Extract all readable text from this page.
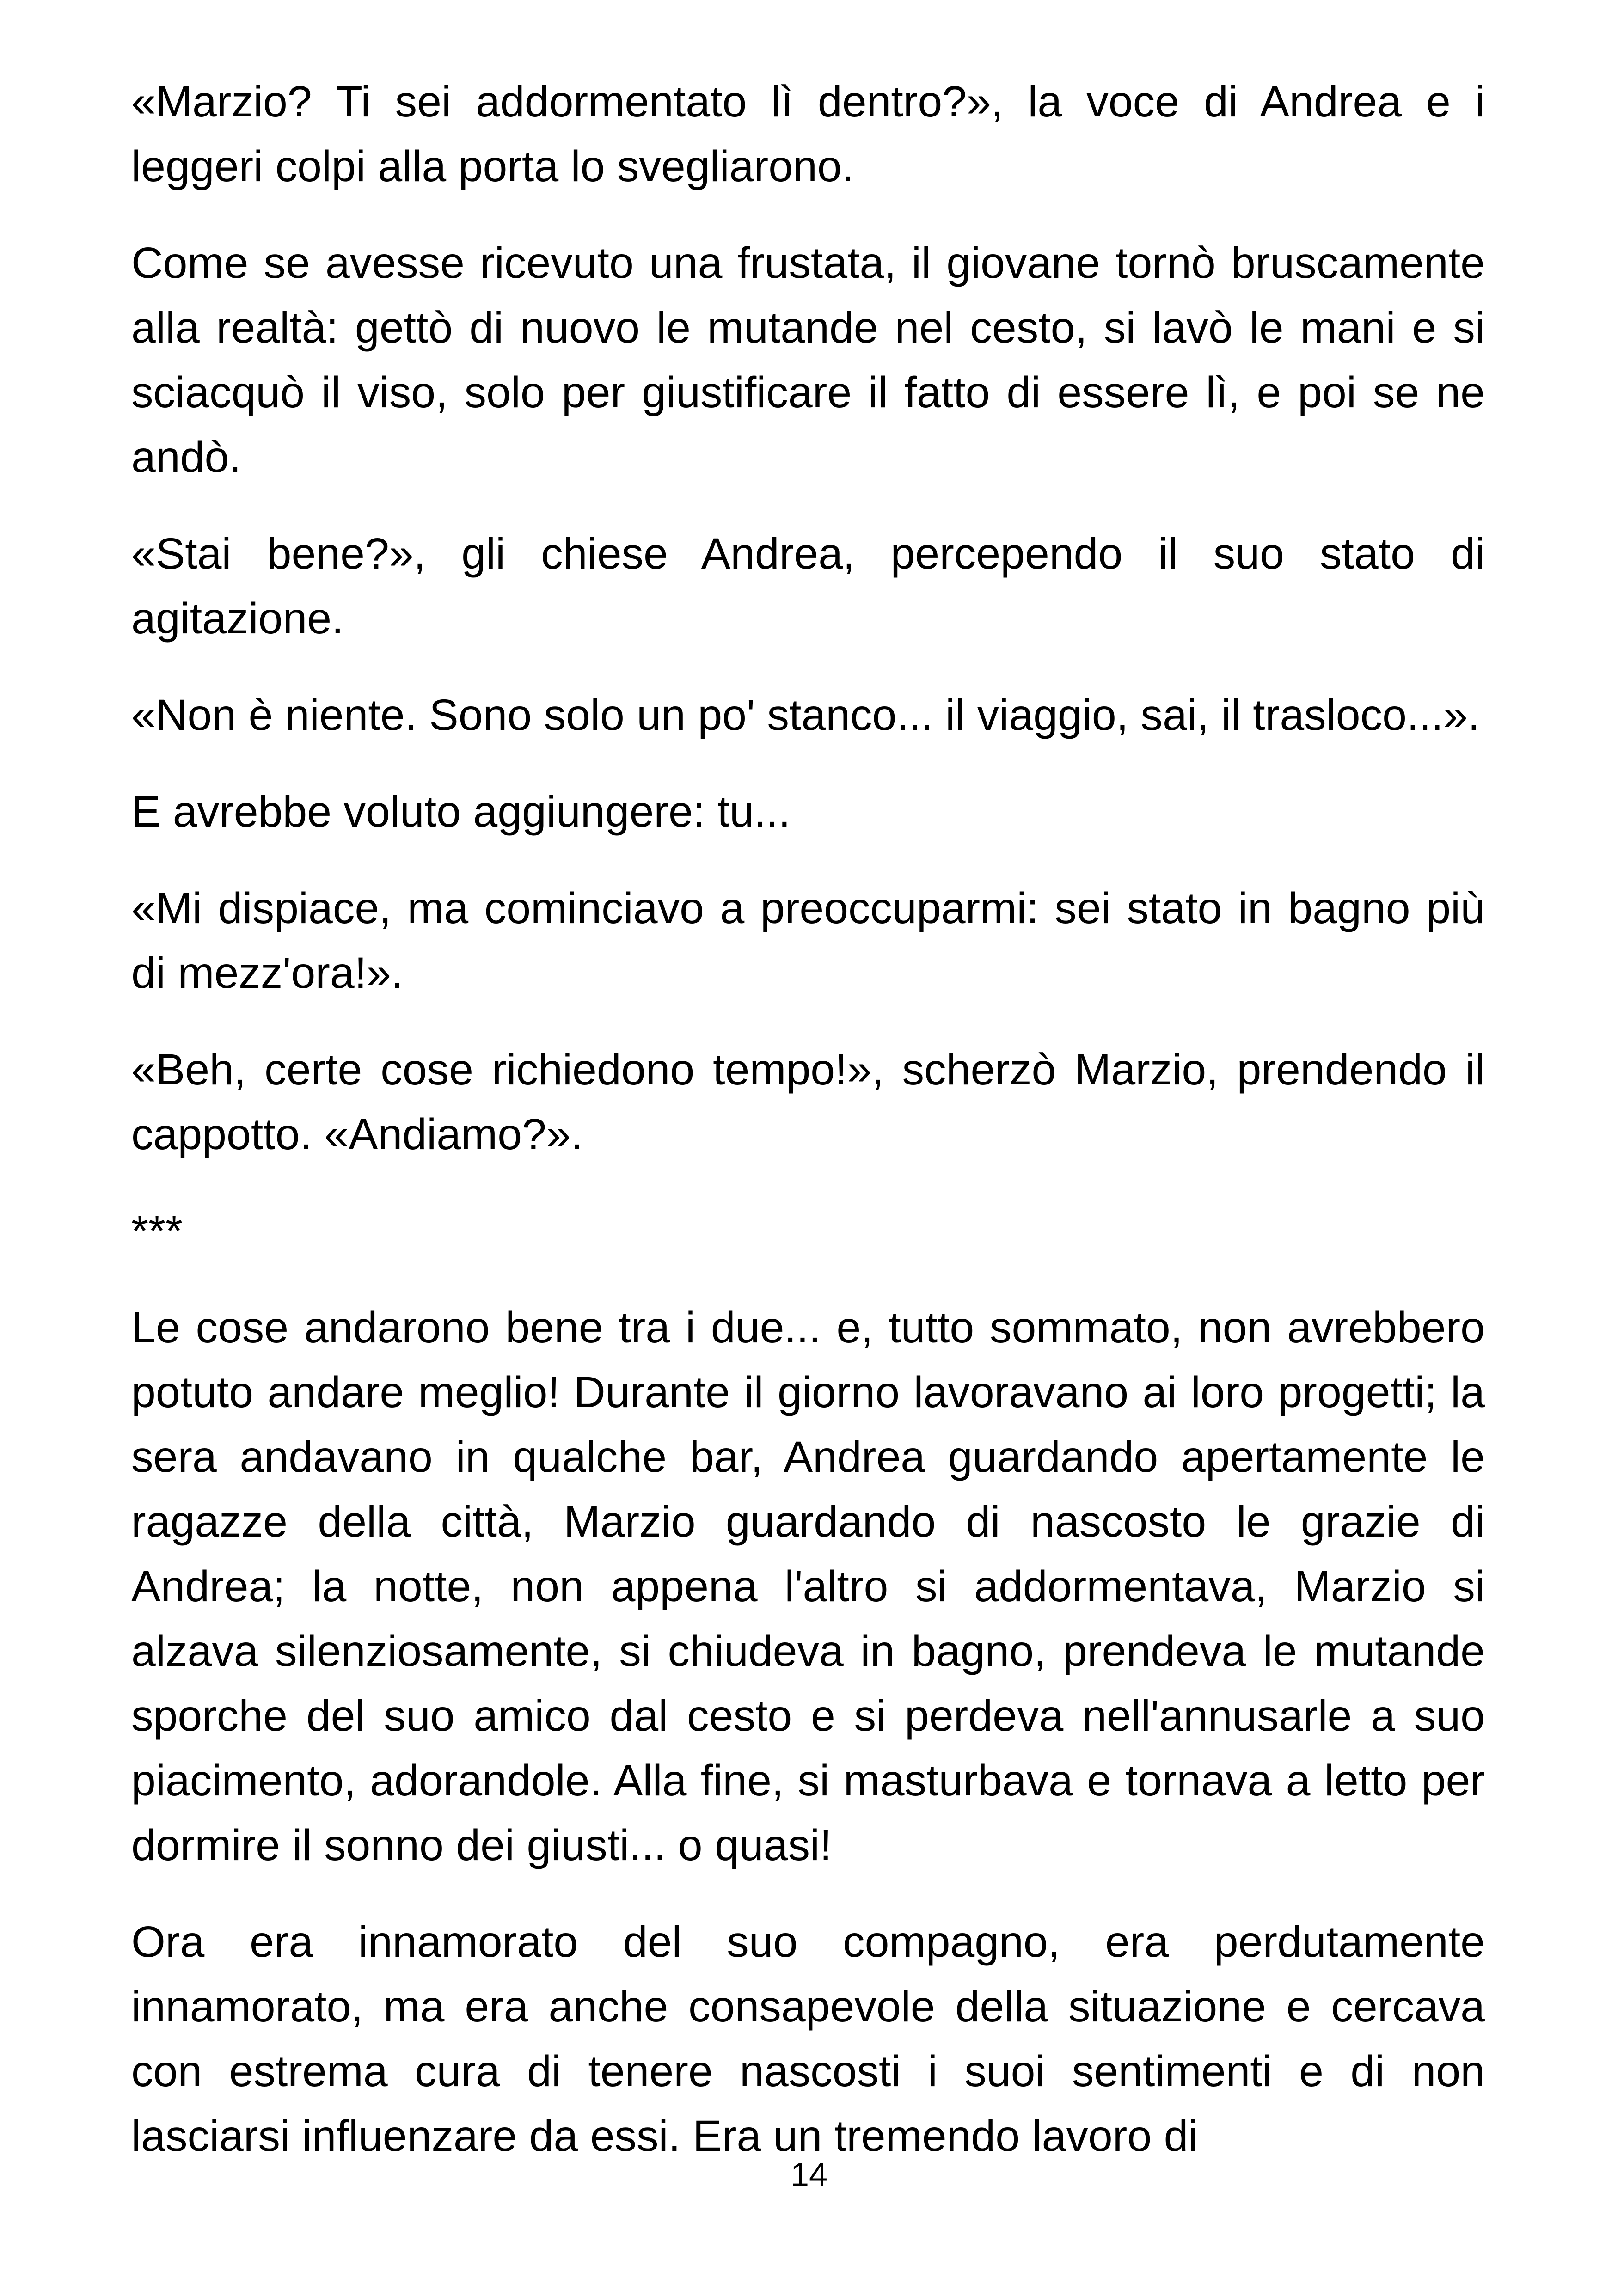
«Marzio? Ti sei addormentato lì dentro?», la voce di Andrea e i leggeri colpi alla porta lo svegliarono.

Come se avesse ricevuto una frustata, il giovane tornò bruscamente alla realtà: gettò di nuovo le mutande nel cesto, si lavò le mani e si sciacquò il viso, solo per giustificare il fatto di essere lì, e poi se ne andò.

«Stai bene?», gli chiese Andrea, percependo il suo stato di agitazione.

«Non è niente. Sono solo un po' stanco... il viaggio, sai, il trasloco...».

E avrebbe voluto aggiungere: tu...

«Mi dispiace, ma cominciavo a preoccuparmi: sei stato in bagno più di mezz'ora!».

«Beh, certe cose richiedono tempo!», scherzò Marzio, prendendo il cappotto. «Andiamo?».

***

Le cose andarono bene tra i due... e, tutto sommato, non avrebbero potuto andare meglio! Durante il giorno lavoravano ai loro progetti; la sera andavano in qualche bar, Andrea guardando apertamente le ragazze della città, Marzio guardando di nascosto le grazie di Andrea; la notte, non appena l'altro si addormentava, Marzio si alzava silenziosamente, si chiudeva in bagno, prendeva le mutande sporche del suo amico dal cesto e si perdeva nell'annusarle a suo piacimento, adorandole. Alla fine, si masturbava e tornava a letto per dormire il sonno dei giusti... o quasi!

Ora era innamorato del suo compagno, era perdutamente innamorato, ma era anche consapevole della situazione e cercava con estrema cura di tenere nascosti i suoi sentimenti e di non lasciarsi influenzare da essi. Era un tremendo lavoro di

14
